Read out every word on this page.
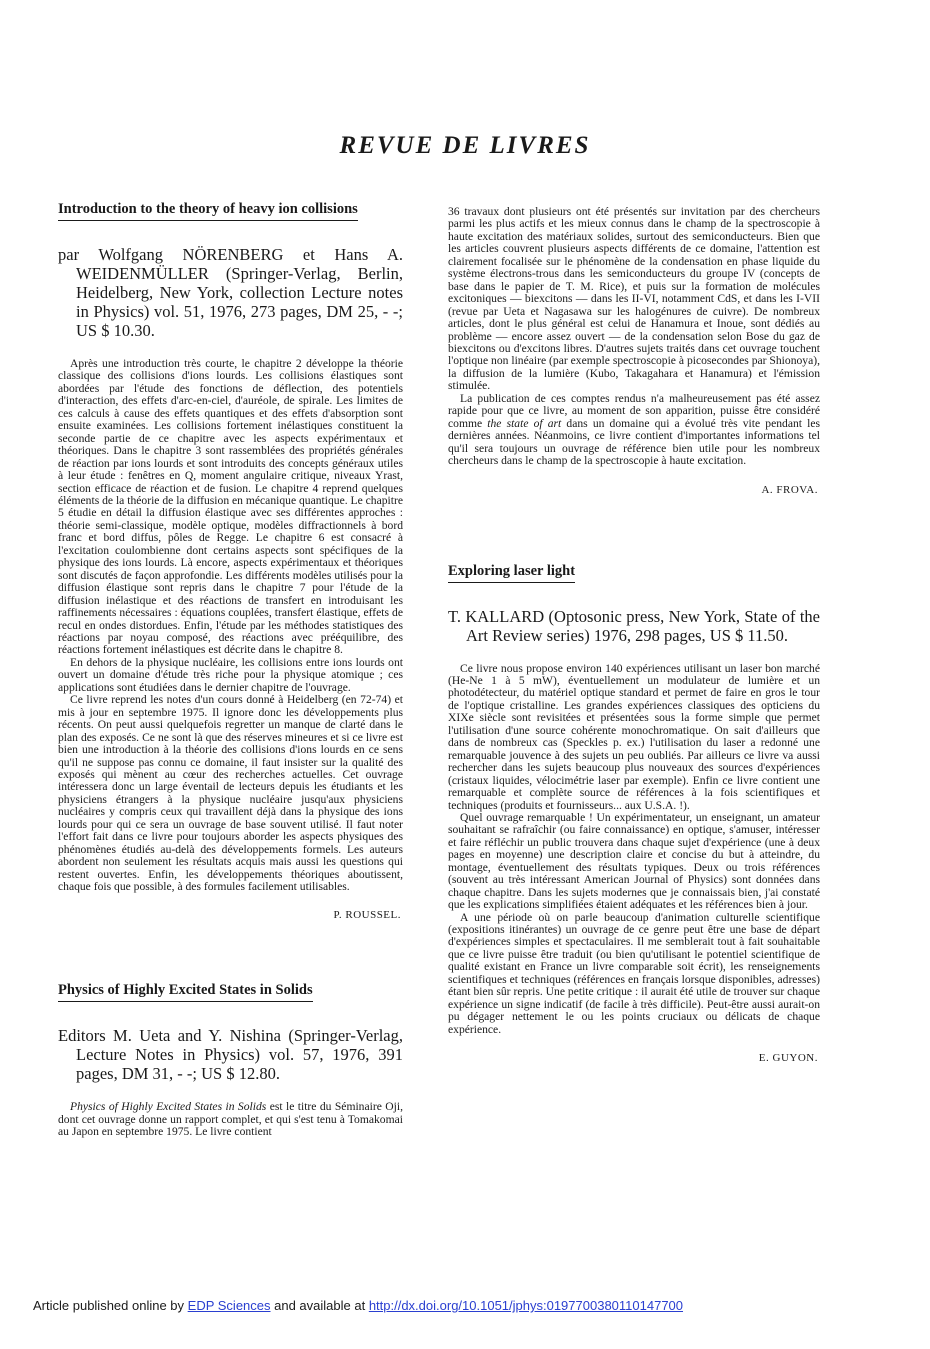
REVUE DE LIVRES
Introduction to the theory of heavy ion collisions
par Wolfgang NÖRENBERG et Hans A. WEIDENMÜLLER (Springer-Verlag, Berlin, Heidelberg, New York, collection Lecture notes in Physics) vol. 51, 1976, 273 pages, DM 25, - -; US $ 10.30.

Après une introduction très courte, le chapitre 2 développe la théorie classique des collisions d'ions lourds. Les collisions élastiques sont abordées par l'étude des fonctions de déflection, des potentiels d'interaction, des effets d'arc-en-ciel, d'auréole, de spirale. Les limites de ces calculs à cause des effets quantiques et des effets d'absorption sont ensuite examinées. Les collisions fortement inélastiques constituent la seconde partie de ce chapitre avec les aspects expérimentaux et théoriques. Dans le chapitre 3 sont rassemblées des propriétés générales de réaction par ions lourds et sont introduits des concepts généraux utiles à leur étude : fenêtres en Q, moment angulaire critique, niveaux Yrast, section efficace de réaction et de fusion. Le chapitre 4 reprend quelques éléments de la théorie de la diffusion en mécanique quantique. Le chapitre 5 étudie en détail la diffusion élastique avec ses différentes approches : théorie semi-classique, modèle optique, modèles diffractionnels à bord franc et bord diffus, pôles de Regge. Le chapitre 6 est consacré à l'excitation coulombienne dont certains aspects sont spécifiques de la physique des ions lourds. Là encore, aspects expérimentaux et théoriques sont discutés de façon approfondie. Les différents modèles utilisés pour la diffusion élastique sont repris dans le chapitre 7 pour l'étude de la diffusion inélastique et des réactions de transfert en introduisant les raffinements nécessaires : équations couplées, transfert élastique, effets de recul en ondes distordues. Enfin, l'étude par les méthodes statistiques des réactions par noyau composé, des réactions avec prééquilibre, des réactions fortement inélastiques est décrite dans le chapitre 8.

En dehors de la physique nucléaire, les collisions entre ions lourds ont ouvert un domaine d'étude très riche pour la physique atomique ; ces applications sont étudiées dans le dernier chapitre de l'ouvrage.

Ce livre reprend les notes d'un cours donné à Heidelberg (en 72-74) et mis à jour en septembre 1975. Il ignore donc les développements plus récents. On peut aussi quelquefois regretter un manque de clarté dans le plan des exposés. Ce ne sont là que des réserves mineures et si ce livre est bien une introduction à la théorie des collisions d'ions lourds en ce sens qu'il ne suppose pas connu ce domaine, il faut insister sur la qualité des exposés qui mènent au cœur des recherches actuelles. Cet ouvrage intéressera donc un large éventail de lecteurs depuis les étudiants et les physiciens étrangers à la physique nucléaire jusqu'aux physiciens nucléaires y compris ceux qui travaillent déjà dans la physique des ions lourds pour qui ce sera un ouvrage de base souvent utilisé. Il faut noter l'effort fait dans ce livre pour toujours aborder les aspects physiques des phénomènes étudiés au-delà des développements formels. Les auteurs abordent non seulement les résultats acquis mais aussi les questions qui restent ouvertes. Enfin, les développements théoriques aboutissent, chaque fois que possible, à des formules facilement utilisables.

P. ROUSSEL.
Physics of Highly Excited States in Solids
Editors M. Ueta and Y. Nishina (Springer-Verlag, Lecture Notes in Physics) vol. 57, 1976, 391 pages, DM 31, - -; US $ 12.80.

Physics of Highly Excited States in Solids est le titre du Séminaire Oji, dont cet ouvrage donne un rapport complet, et qui s'est tenu à Tomakomai au Japon en septembre 1975. Le livre contient

36 travaux dont plusieurs ont été présentés sur invitation par des chercheurs parmi les plus actifs et les mieux connus dans le champ de la spectroscopie à haute excitation des matériaux solides, surtout des semiconducteurs. Bien que les articles couvrent plusieurs aspects différents de ce domaine, l'attention est clairement focalisée sur le phénomène de la condensation en phase liquide du système électrons-trous dans les semiconducteurs du groupe IV (concepts de base dans le papier de T. M. Rice), et puis sur la formation de molécules excitoniques — biexcitons — dans les II-VI, notamment CdS, et dans les I-VII (revue par Ueta et Nagasawa sur les halogénures de cuivre). De nombreux articles, dont le plus général est celui de Hanamura et Inoue, sont dédiés au problème — encore assez ouvert — de la condensation selon Bose du gaz de biexcitons ou d'excitons libres. D'autres sujets traités dans cet ouvrage touchent l'optique non linéaire (par exemple spectroscopie à picosecondes par Shionoya), la diffusion de la lumière (Kubo, Takagahara et Hanamura) et l'émission stimulée.

La publication de ces comptes rendus n'a malheureusement pas été assez rapide pour que ce livre, au moment de son apparition, puisse être considéré comme the state of art dans un domaine qui a évolué très vite pendant les dernières années. Néanmoins, ce livre contient d'importantes informations tel qu'il sera toujours un ouvrage de référence bien utile pour les nombreux chercheurs dans le champ de la spectroscopie à haute excitation.

A. FROVA.
Exploring laser light
T. KALLARD (Optosonic press, New York, State of the Art Review series) 1976, 298 pages, US $ 11.50.

Ce livre nous propose environ 140 expériences utilisant un laser bon marché (He-Ne 1 à 5 mW), éventuellement un modulateur de lumière et un photodétecteur, du matériel optique standard et permet de faire en gros le tour de l'optique cristalline. Les grandes expériences classiques des opticiens du XIXe siècle sont revisitées et présentées sous la forme simple que permet l'utilisation d'une source cohérente monochromatique. On sait d'ailleurs que dans de nombreux cas (Speckles p. ex.) l'utilisation du laser a redonné une remarquable jouvence à des sujets un peu oubliés. Par ailleurs ce livre va aussi rechercher dans les sujets beaucoup plus nouveaux des sources d'expériences (cristaux liquides, vélocimétrie laser par exemple). Enfin ce livre contient une remarquable et complète source de références à la fois scientifiques et techniques (produits et fournisseurs... aux U.S.A. !).

Quel ouvrage remarquable ! Un expérimentateur, un enseignant, un amateur souhaitant se rafraîchir (ou faire connaissance) en optique, s'amuser, intéresser et faire réfléchir un public trouvera dans chaque sujet d'expérience (une à deux pages en moyenne) une description claire et concise du but à atteindre, du montage, éventuellement des résultats typiques. Deux ou trois références (souvent au très intéressant American Journal of Physics) sont données dans chaque chapitre. Dans les sujets modernes que je connaissais bien, j'ai constaté que les explications simplifiées étaient adéquates et les références bien à jour.

A une période où on parle beaucoup d'animation culturelle scientifique (expositions itinérantes) un ouvrage de ce genre peut être une base de départ d'expériences simples et spectaculaires. Il me semblerait tout à fait souhaitable que ce livre puisse être traduit (ou bien qu'utilisant le potentiel scientifique de qualité existant en France un livre comparable soit écrit), les renseignements scientifiques et techniques (références en français lorsque disponibles, adresses) étant bien sûr repris. Une petite critique : il aurait été utile de trouver sur chaque expérience un signe indicatif (de facile à très difficile). Peut-être aussi aurait-on pu dégager nettement le ou les points cruciaux ou délicats de chaque expérience.

E. GUYON.
Article published online by EDP Sciences and available at http://dx.doi.org/10.1051/jphys:0197700380110147700
